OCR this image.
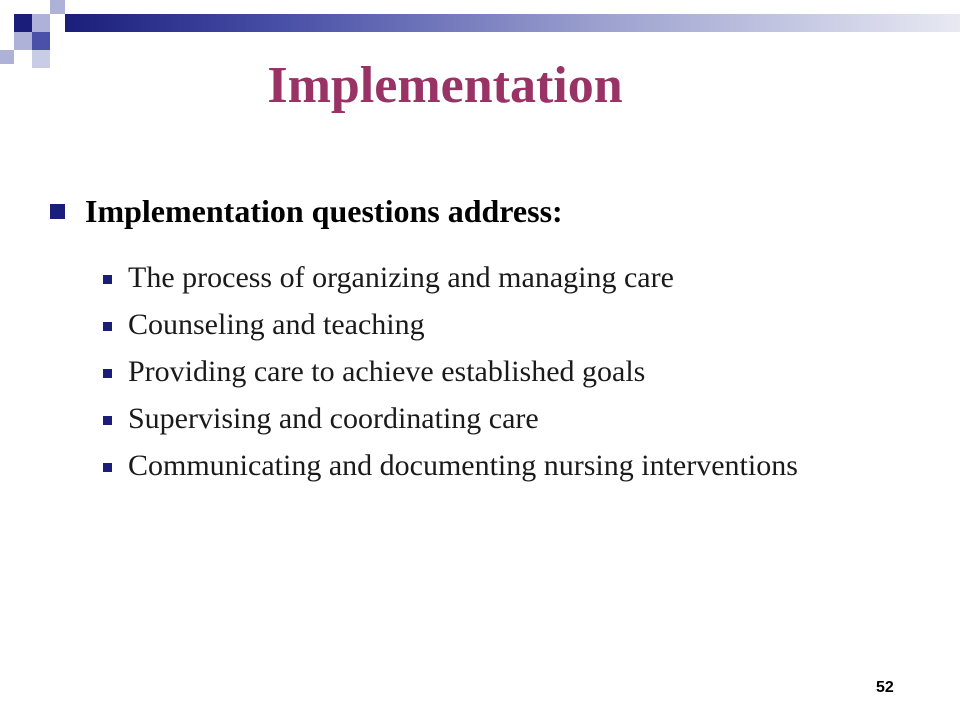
Implementation
Implementation questions address:
The process of organizing and managing care
Counseling and teaching
Providing care to achieve established goals
Supervising and coordinating care
Communicating and documenting nursing interventions
52
